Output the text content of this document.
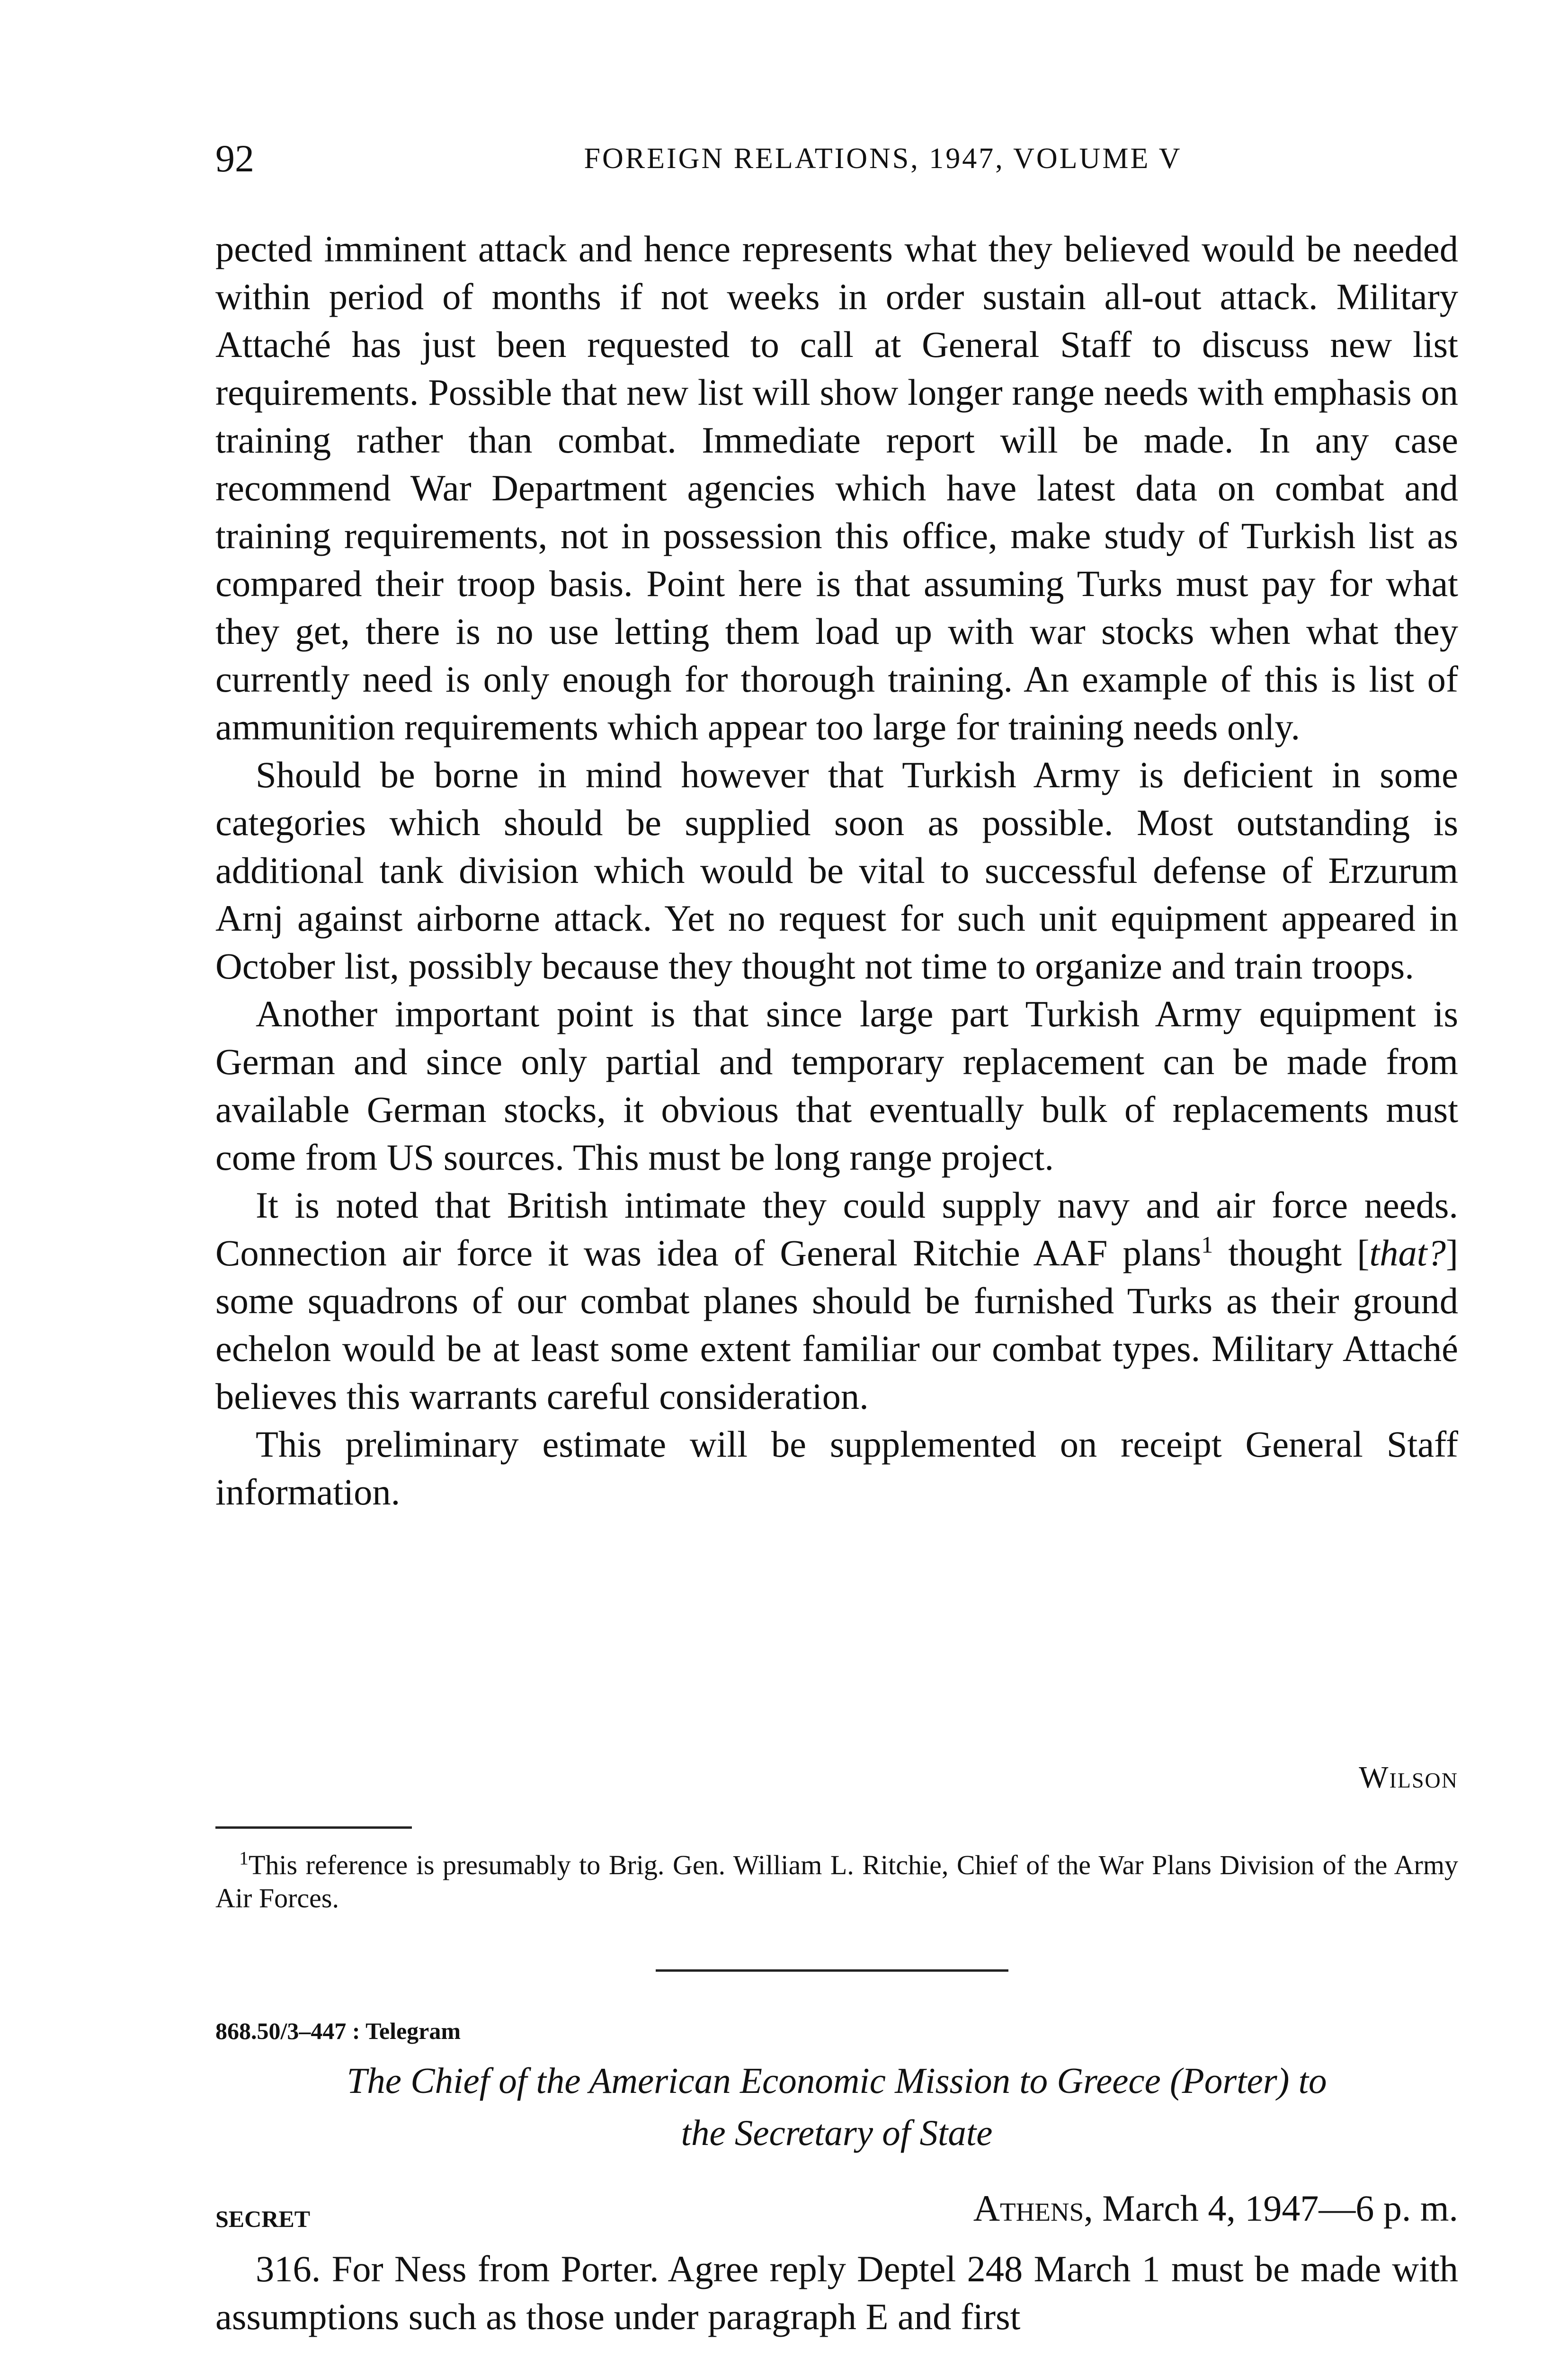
92	FOREIGN RELATIONS, 1947, VOLUME V

pected imminent attack and hence represents what they believed would be needed within period of months if not weeks in order sustain all-out attack. Military Attaché has just been requested to call at General Staff to discuss new list requirements. Possible that new list will show longer range needs with emphasis on training rather than combat. Immediate report will be made. In any case recommend War Department agencies which have latest data on combat and training requirements, not in possession this office, make study of Turkish list as compared their troop basis. Point here is that assuming Turks must pay for what they get, there is no use letting them load up with war stocks when what they currently need is only enough for thorough training. An example of this is list of ammunition requirements which appear too large for training needs only.

Should be borne in mind however that Turkish Army is deficient in some categories which should be supplied soon as possible. Most outstanding is additional tank division which would be vital to successful defense of Erzurum Arnj against airborne attack. Yet no request for such unit equipment appeared in October list, possibly because they thought not time to organize and train troops.

Another important point is that since large part Turkish Army equipment is German and since only partial and temporary replacement can be made from available German stocks, it obvious that eventually bulk of replacements must come from US sources. This must be long range project.

It is noted that British intimate they could supply navy and air force needs. Connection air force it was idea of General Ritchie AAF plans$^1$ thought [that?] some squadrons of our combat planes should be furnished Turks as their ground echelon would be at least some extent familiar our combat types. Military Attaché believes this warrants careful consideration.

This preliminary estimate will be supplemented on receipt General Staff information.

Wilson
$^1$This reference is presumably to Brig. Gen. William L. Ritchie, Chief of the War Plans Division of the Army Air Forces.
868.50/3–447 : Telegram
The Chief of the American Economic Mission to Greece (Porter) to
the Secretary of State
SECRET	Athens, March 4, 1947—6 p. m.
316. For Ness from Porter. Agree reply Deptel 248 March 1 must be made with assumptions such as those under paragraph E and first
